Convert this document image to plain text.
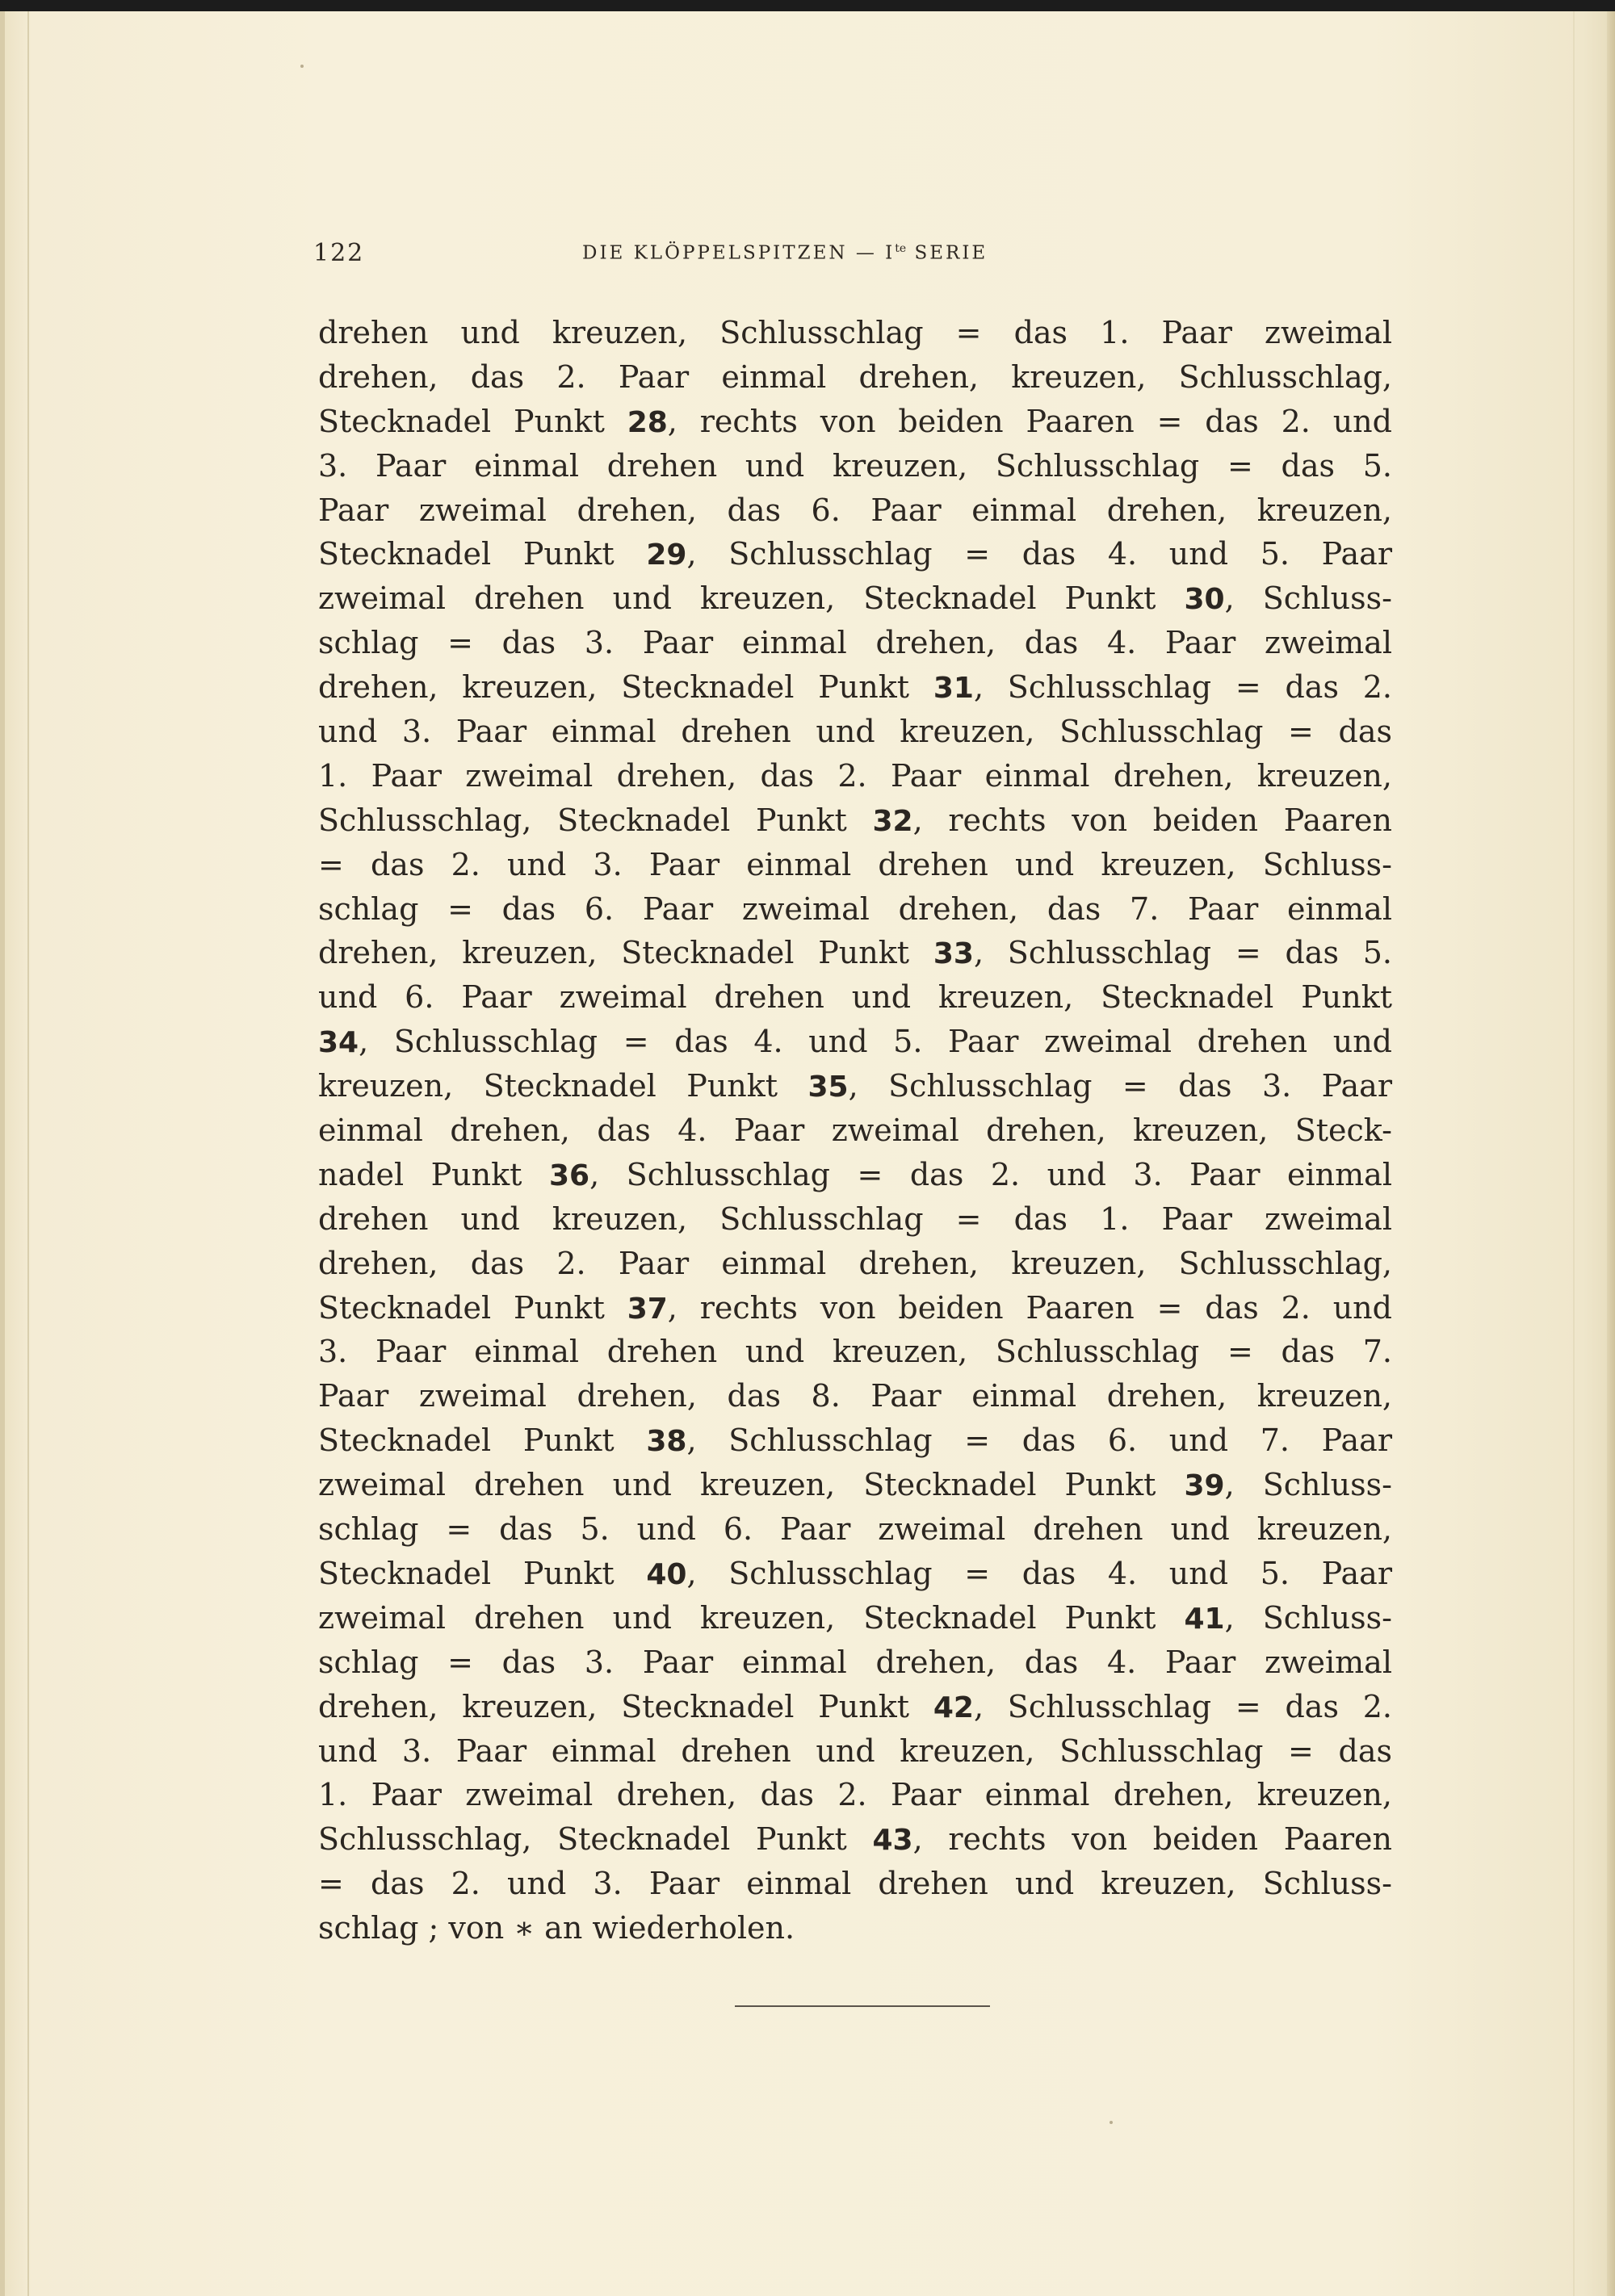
122	DIE KLÖPPELSPITZEN — $I^{te}$ SERIE
drehen und kreuzen, Schlusschlag = das 1. Paar zweimal
drehen, das 2. Paar einmal drehen, kreuzen, Schlusschlag,
Stecknadel Punkt 28, rechts von beiden Paaren = das 2. und
3. Paar einmal drehen und kreuzen, Schlusschlag = das 5.
Paar zweimal drehen, das 6. Paar einmal drehen, kreuzen,
Stecknadel Punkt 29, Schlusschlag = das 4. und 5. Paar
zweimal drehen und kreuzen, Stecknadel Punkt 30, Schluss-
schlag = das 3. Paar einmal drehen, das 4. Paar zweimal
drehen, kreuzen, Stecknadel Punkt 31, Schlusschlag = das 2.
und 3. Paar einmal drehen und kreuzen, Schlusschlag = das
1. Paar zweimal drehen, das 2. Paar einmal drehen, kreuzen,
Schlusschlag, Stecknadel Punkt 32, rechts von beiden Paaren
= das 2. und 3. Paar einmal drehen und kreuzen, Schluss-
schlag = das 6. Paar zweimal drehen, das 7. Paar einmal
drehen, kreuzen, Stecknadel Punkt 33, Schlusschlag = das 5.
und 6. Paar zweimal drehen und kreuzen, Stecknadel Punkt
34, Schlusschlag = das 4. und 5. Paar zweimal drehen und
kreuzen, Stecknadel Punkt 35, Schlusschlag = das 3. Paar
einmal drehen, das 4. Paar zweimal drehen, kreuzen, Steck-
nadel Punkt 36, Schlusschlag = das 2. und 3. Paar einmal
drehen und kreuzen, Schlusschlag = das 1. Paar zweimal
drehen, das 2. Paar einmal drehen, kreuzen, Schlusschlag,
Stecknadel Punkt 37, rechts von beiden Paaren = das 2. und
3. Paar einmal drehen und kreuzen, Schlusschlag = das 7.
Paar zweimal drehen, das 8. Paar einmal drehen, kreuzen,
Stecknadel Punkt 38, Schlusschlag = das 6. und 7. Paar
zweimal drehen und kreuzen, Stecknadel Punkt 39, Schluss-
schlag = das 5. und 6. Paar zweimal drehen und kreuzen,
Stecknadel Punkt 40, Schlusschlag = das 4. und 5. Paar
zweimal drehen und kreuzen, Stecknadel Punkt 41, Schluss-
schlag = das 3. Paar einmal drehen, das 4. Paar zweimal
drehen, kreuzen, Stecknadel Punkt 42, Schlusschlag = das 2.
und 3. Paar einmal drehen und kreuzen, Schlusschlag = das
1. Paar zweimal drehen, das 2. Paar einmal drehen, kreuzen,
Schlusschlag, Stecknadel Punkt 43, rechts von beiden Paaren
= das 2. und 3. Paar einmal drehen und kreuzen, Schluss-
schlag ; von ∗ an wiederholen.
